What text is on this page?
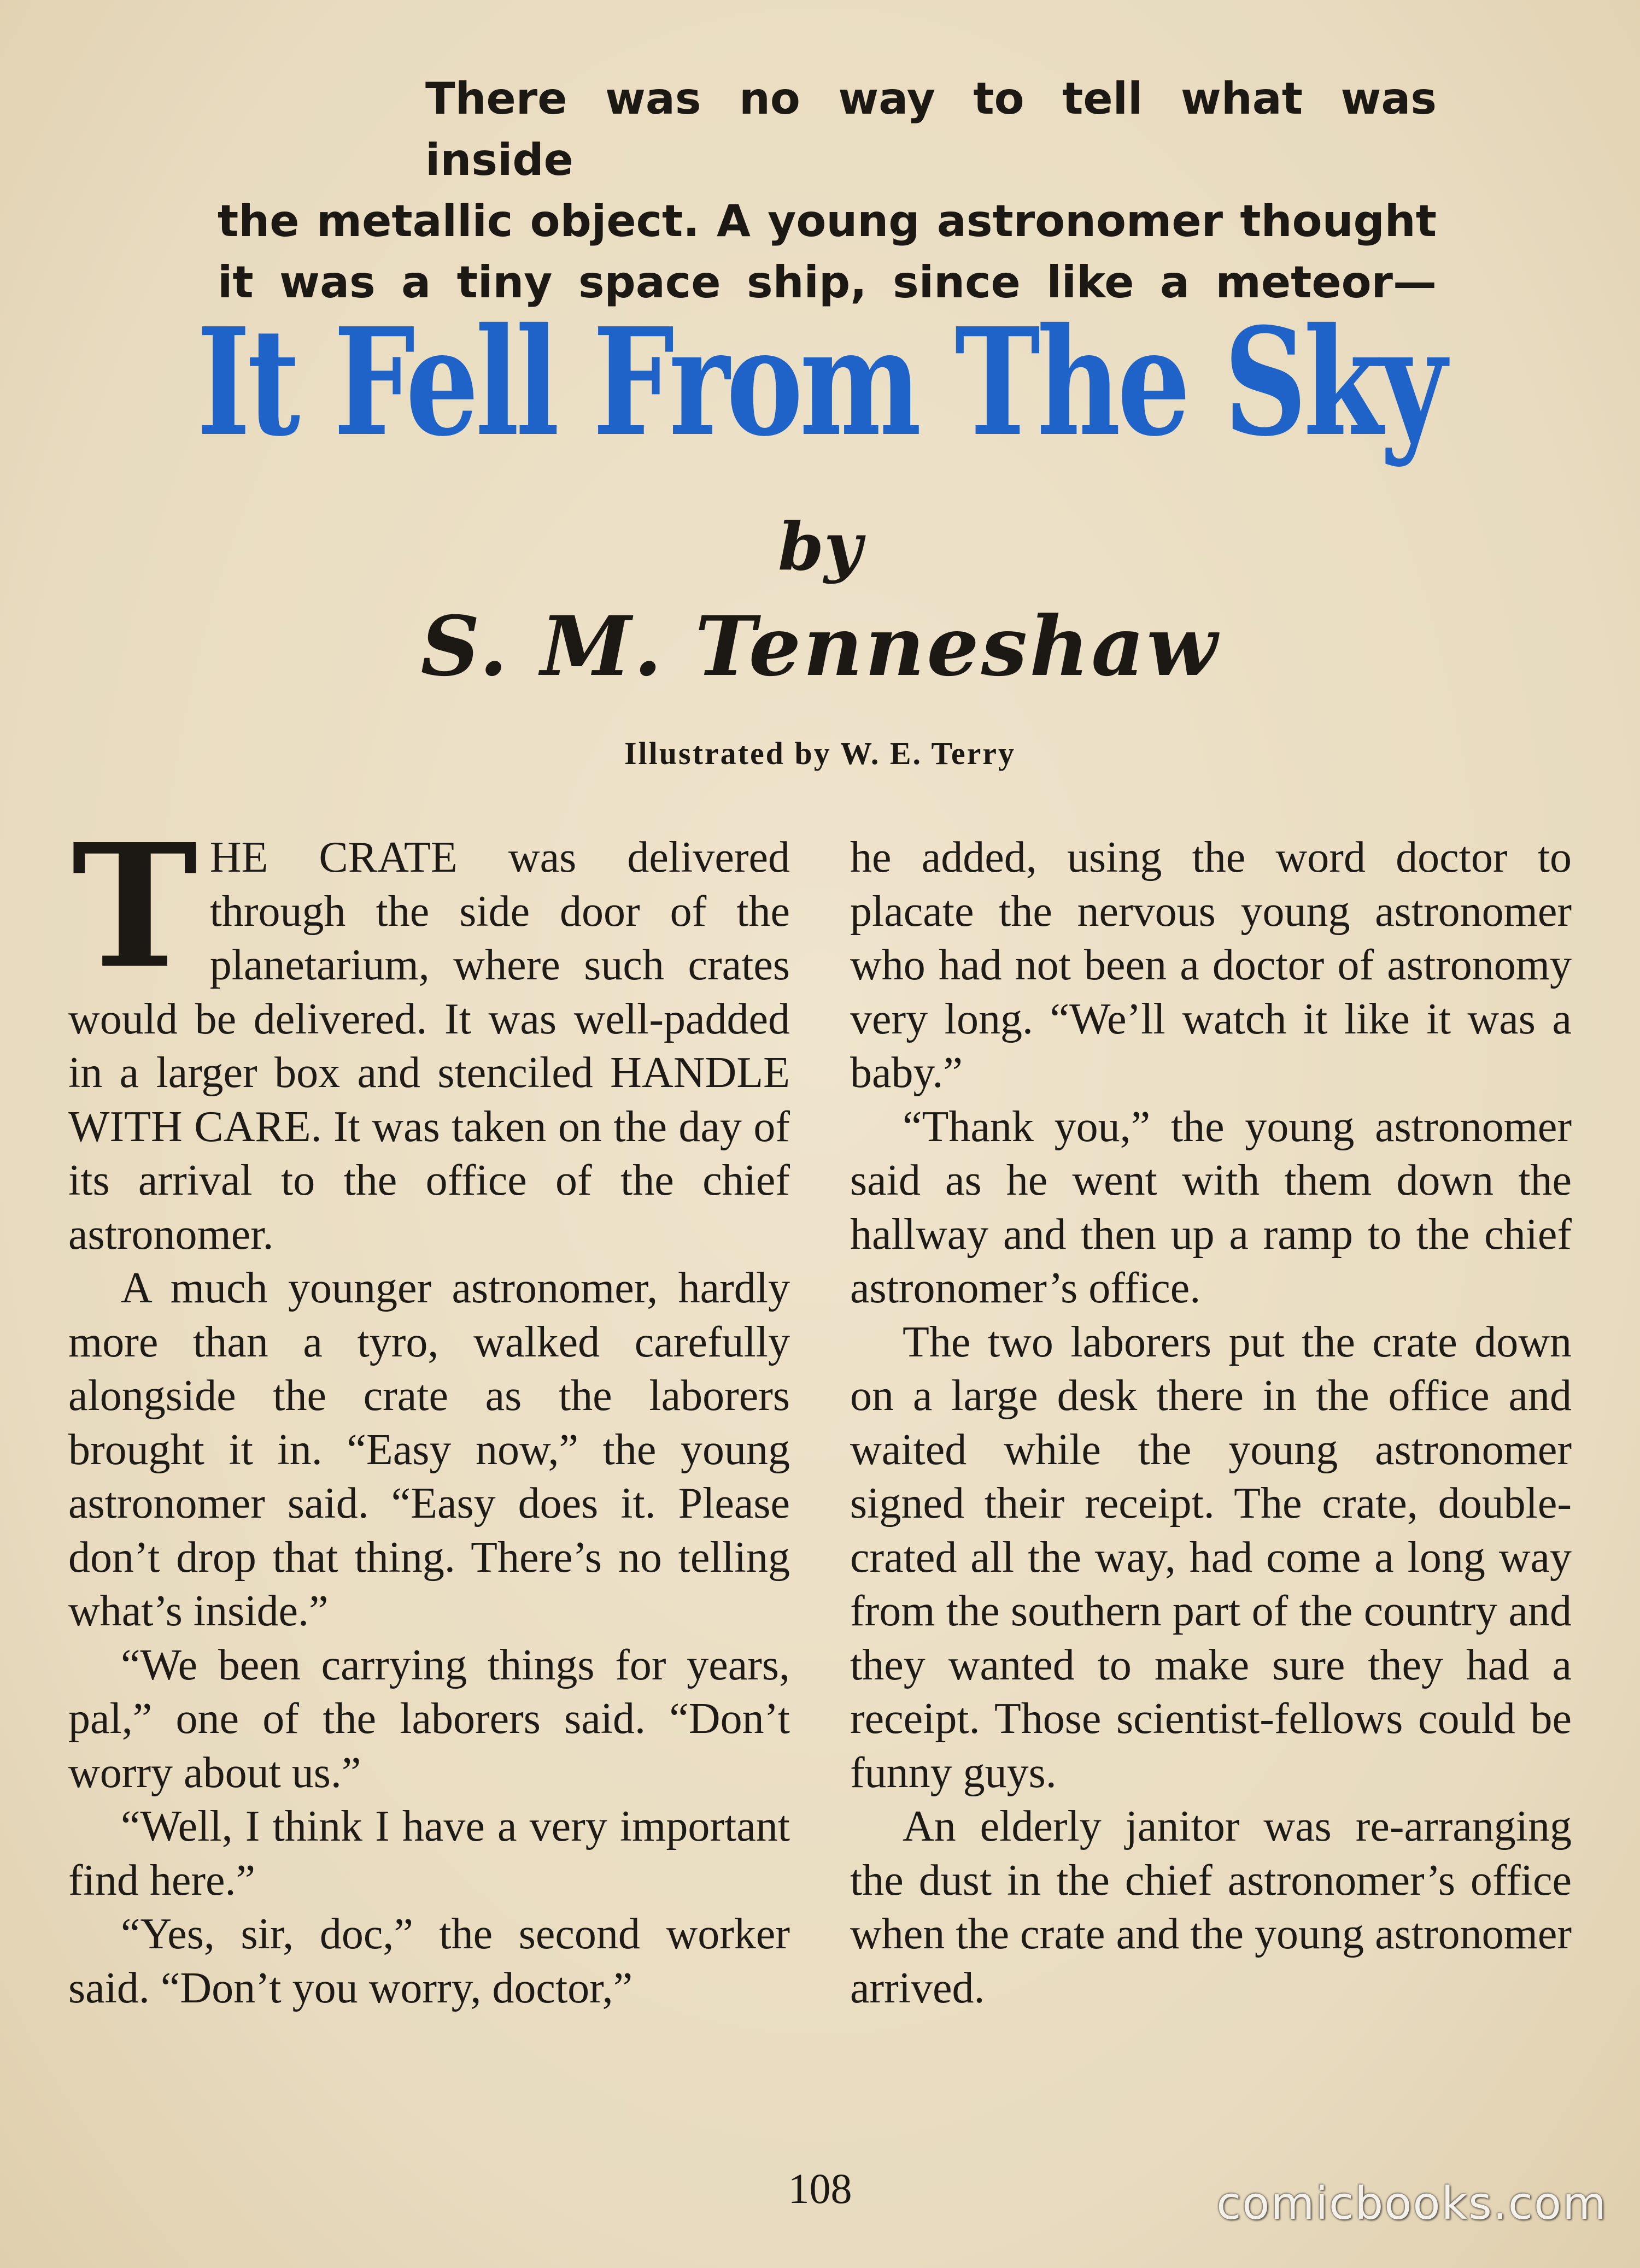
There was no way to tell what was inside
the metallic object. A young astronomer thought
it was a tiny space ship, since like a meteor—
It Fell From The Sky
by
S. M. Tenneshaw
Illustrated by W. E. Terry

THE CRATE was delivered through the side door of the planetarium, where such crates would be delivered. It was well-padded in a larger box and stenciled HANDLE WITH CARE. It was taken on the day of its arrival to the office of the chief astronomer.

A much younger astronomer, hardly more than a tyro, walked carefully alongside the crate as the laborers brought it in. “Easy now,” the young astronomer said. “Easy does it. Please don’t drop that thing. There’s no telling what’s inside.”

“We been carrying things for years, pal,” one of the laborers said. “Don’t worry about us.”

“Well, I think I have a very important find here.”

“Yes, sir, doc,” the second worker said. “Don’t you worry, doctor,”

he added, using the word doctor to placate the nervous young astronomer who had not been a doctor of astronomy very long. “We’ll watch it like it was a baby.”

“Thank you,” the young astronomer said as he went with them down the hallway and then up a ramp to the chief astronomer’s office.

The two laborers put the crate down on a large desk there in the office and waited while the young astronomer signed their receipt. The crate, double-crated all the way, had come a long way from the southern part of the country and they wanted to make sure they had a receipt. Those scientist-fellows could be funny guys.

An elderly janitor was re-arranging the dust in the chief astronomer’s office when the crate and the young astronomer arrived.

108	comicbooks.com
